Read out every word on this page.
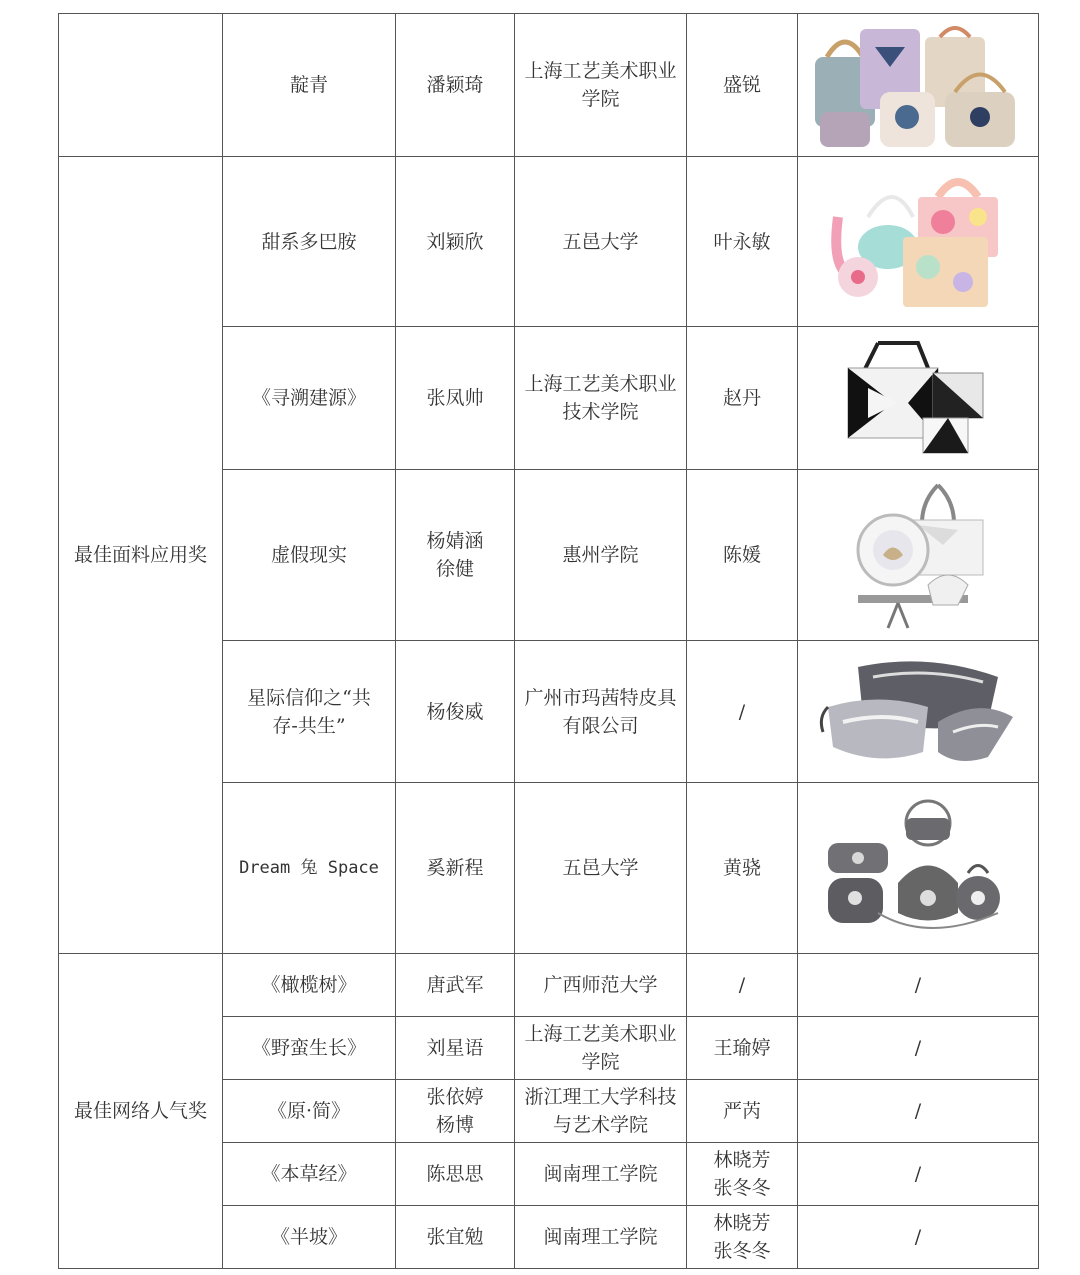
	靛青	潘颖琦	上海工艺美术职业学院	盛锐	

最佳面料应用奖	甜系多巴胺	刘颖欣	五邑大学	叶永敏	

	《寻溯建源》	张凤帅	上海工艺美术职业技术学院	赵丹	

	虚假现实	杨婧涵 徐健	惠州学院	陈媛	

	星际信仰之“共存-共生”	杨俊威	广州市玛茜特皮具有限公司	/	

	Dream 兔 Space	奚新程	五邑大学	黄骁	

最佳网络人气奖	《橄榄树》	唐武军	广西师范大学	/	/
	《野蛮生长》	刘星语	上海工艺美术职业学院	王瑜婷	/
	《原·简》	张依婷 杨博	浙江理工大学科技与艺术学院	严芮	/
	《本草经》	陈思思	闽南理工学院	林晓芳 张冬冬	/
	《半坡》	张宜勉	闽南理工学院	林晓芳 张冬冬	/
